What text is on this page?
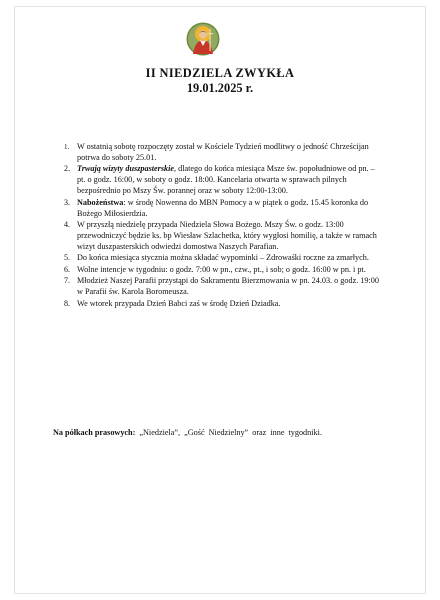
II NIEDZIELA ZWYKŁA
19.01.2025 r.
1. W ostatnią sobotę rozpoczęty został w Kościele Tydzień modlitwy o jedność Chrześcijan potrwa do soboty 25.01.
2. Trwają wizyty duszpasterskie, dlatego do końca miesiąca Msze św. popołudniowe od pn. – pt. o godz. 16:00, w soboty o godz. 18:00. Kancelaria otwarta w sprawach pilnych bezpośrednio po Mszy Św. porannej oraz w soboty 12:00-13:00.
3. Nabożeństwa: w środę Nowenna do MBN Pomocy a w piątek o godz. 15.45 koronka do Bożego Miłosierdzia.
4. W przyszłą niedzielę przypada Niedziela Słowa Bożego. Mszy Św. o godz. 13:00 przewodniczyć będzie ks. bp Wiesław Szlachetka, który wygłosi homilię, a także w ramach wizyt duszpasterskich odwiedzi domostwa Naszych Parafian.
5. Do końca miesiąca stycznia można składać wypominki – Zdrowaśki roczne za zmarłych.
6. Wolne intencje w tygodniu: o godz. 7:00 w pn., czw., pt., i sob; o godz. 16:00 w pn. i pt.
7. Młodzież Naszej Parafii przystąpi do Sakramentu Bierzmowania w pn. 24.03. o godz. 19:00 w Parafii św. Karola Boromeusza.
8. We wtorek przypada Dzień Babci zaś w środę Dzień Dziadka.
Na półkach prasowych: „Niedziela”, „Gość Niedzielny” oraz inne tygodniki.
